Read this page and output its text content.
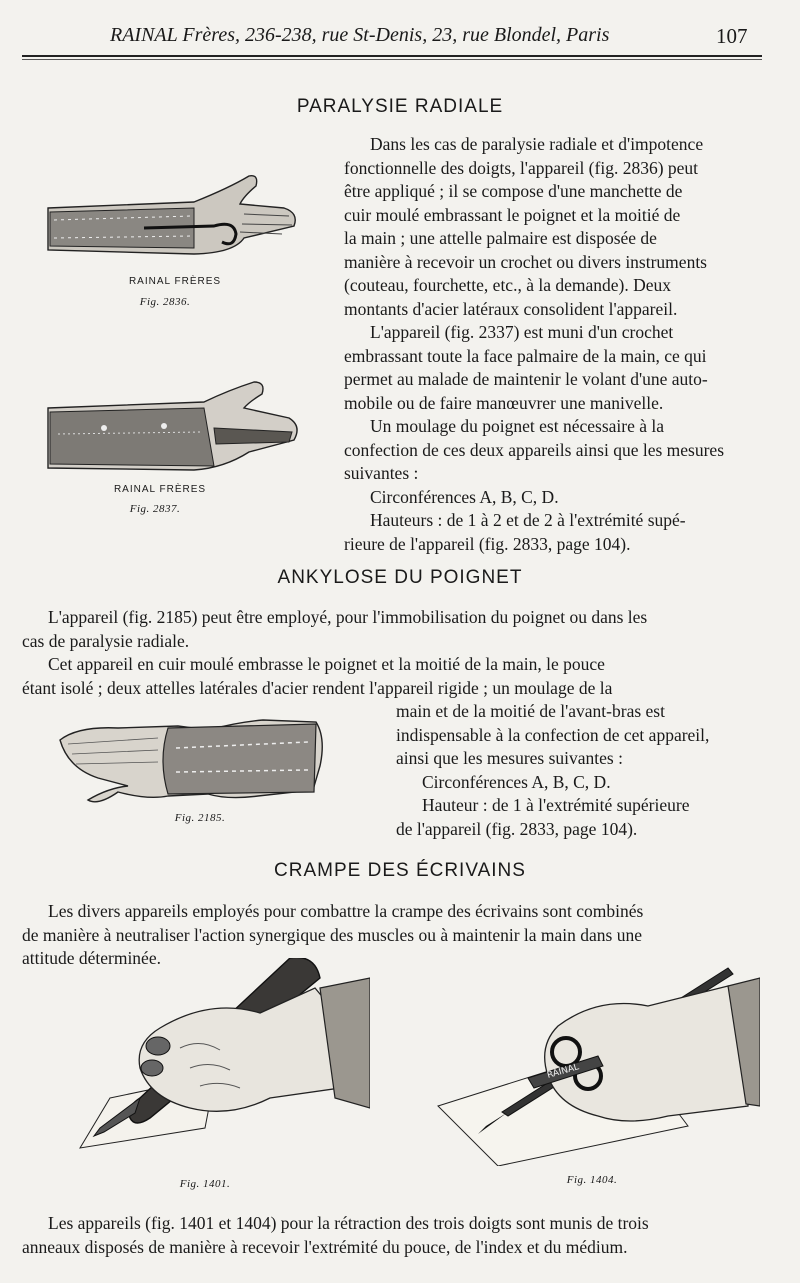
RAINAL Frères, 236-238, rue St-Denis, 23, rue Blondel, Paris	107
PARALYSIE RADIALE
RAINAL FRÈRES
Fig. 2836.
RAINAL FRÈRES
Fig. 2837.

Dans les cas de paralysie radiale et d'impotence

fonctionnelle des doigts, l'appareil (fig. 2836) peut

être appliqué ; il se compose d'une manchette de

cuir moulé embrassant le poignet et la moitié de

la main ; une attelle palmaire est disposée de

manière à recevoir un crochet ou divers instruments

(couteau, fourchette, etc., à la demande). Deux

montants d'acier latéraux consolident l'appareil.

L'appareil (fig. 2337) est muni d'un crochet

embrassant toute la face palmaire de la main, ce qui

permet au malade de maintenir le volant d'une auto-

mobile ou de faire manœuvrer une manivelle.

Un moulage du poignet est nécessaire à la

confection de ces deux appareils ainsi que les mesures

suivantes :

Circonférences A, B, C, D.

Hauteurs : de 1 à 2 et de 2 à l'extrémité supé-

rieure de l'appareil (fig. 2833, page 104).

ANKYLOSE DU POIGNET

L'appareil (fig. 2185) peut être employé, pour l'immobilisation du poignet ou dans les

cas de paralysie radiale.

Cet appareil en cuir moulé embrasse le poignet et la moitié de la main, le pouce

étant isolé ; deux attelles latérales d'acier rendent l'appareil rigide ; un moulage de la

Fig. 2185.

main et de la moitié de l'avant-bras est

indispensable à la confection de cet appareil,

ainsi que les mesures suivantes :

Circonférences A, B, C, D.

Hauteur : de 1 à l'extrémité supérieure

de l'appareil (fig. 2833, page 104).

CRAMPE DES ÉCRIVAINS

Les divers appareils employés pour combattre la crampe des écrivains sont combinés

de manière à neutraliser l'action synergique des muscles ou à maintenir la main dans une

attitude déterminée.

Fig. 1401.
RAINAL
Fig. 1404.

Les appareils (fig. 1401 et 1404) pour la rétraction des trois doigts sont munis de trois

anneaux disposés de manière à recevoir l'extrémité du pouce, de l'index et du médium.
